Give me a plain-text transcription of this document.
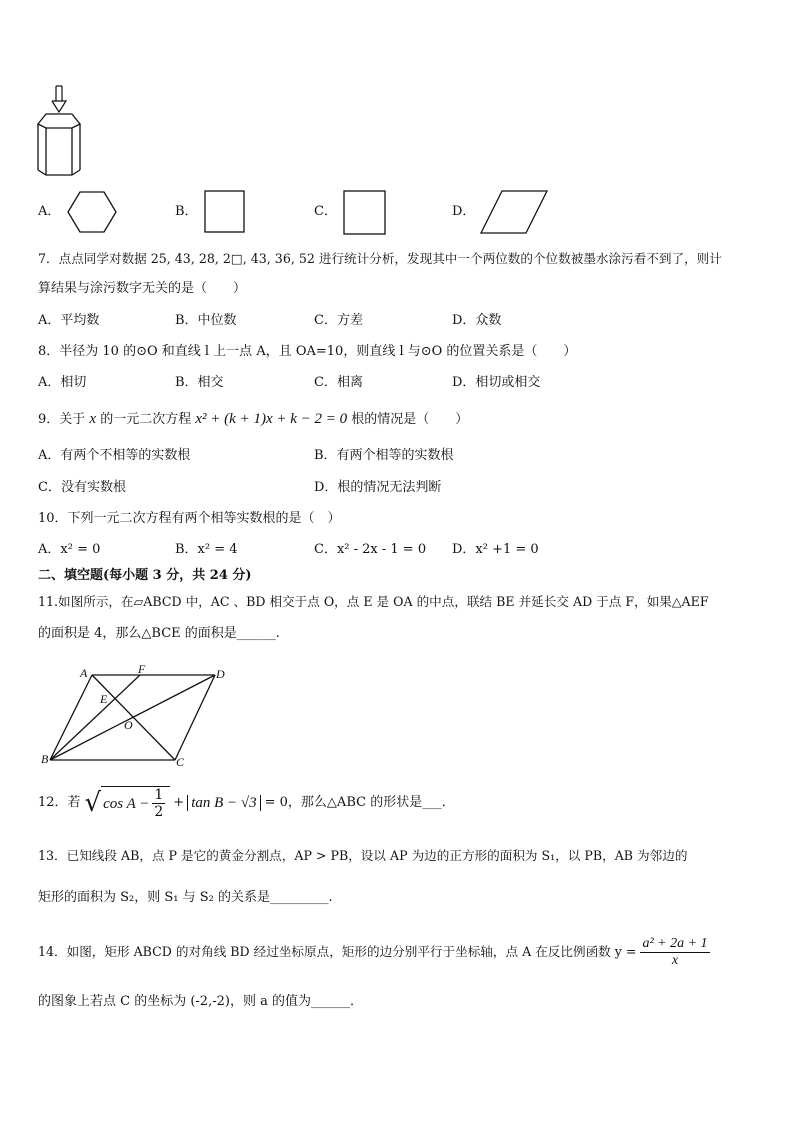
A．	B．	C．	D．
7．点点同学对数据 25, 43, 28, 2□, 43, 36, 52 进行统计分析，发现其中一个两位数的个位数被墨水涂污看不到了，则计
算结果与涂污数字无关的是（　　）
A．平均数	B．中位数	C．方差	D．众数
8．半径为 10 的⊙O 和直线 l 上一点 A，且 OA=10，则直线 l 与⊙O 的位置关系是（　　）
A．相切	B．相交	C．相离	D．相切或相交
9．关于 x 的一元二次方程 x² + (k + 1)x + k − 2 = 0 根的情况是（　　）
A．有两个不相等的实数根	B．有两个相等的实数根
C．没有实数根	D．根的情况无法判断
10．下列一元二次方程有两个相等实数根的是（　）
A．x² = 0	B．x² = 4	C．x² - 2x - 1 = 0 D．x² +1 = 0
二、填空题(每小题 3 分，共 24 分)
11.如图所示，在▱ABCD 中，AC 、BD 相交于点 O，点 E 是 OA 的中点，联结 BE 并延长交 AD 于点 F，如果△AEF
的面积是 4，那么△BCE 的面积是______.
A	F	D
E
O
B	C
12．若 √ $\cos A - \frac{1}{2} + \tan B - √3 = 0$，那么△ABC 的形状是___．
13．已知线段 AB，点 P 是它的黄金分割点，AP > PB，设以 AP 为边的正方形的面积为 S₁，以 PB，AB 为邻边的
矩形的面积为 S₂，则 S₁ 与 S₂ 的关系是_________.
14．如图，矩形 ABCD 的对角线 BD 经过坐标原点，矩形的边分别平行于坐标轴，点 A 在反比例函数 $y = \frac{\text{a² + 2a + 1}}{x}$
的图象上若点 C 的坐标为 (-2,-2)，则 a 的值为______．
